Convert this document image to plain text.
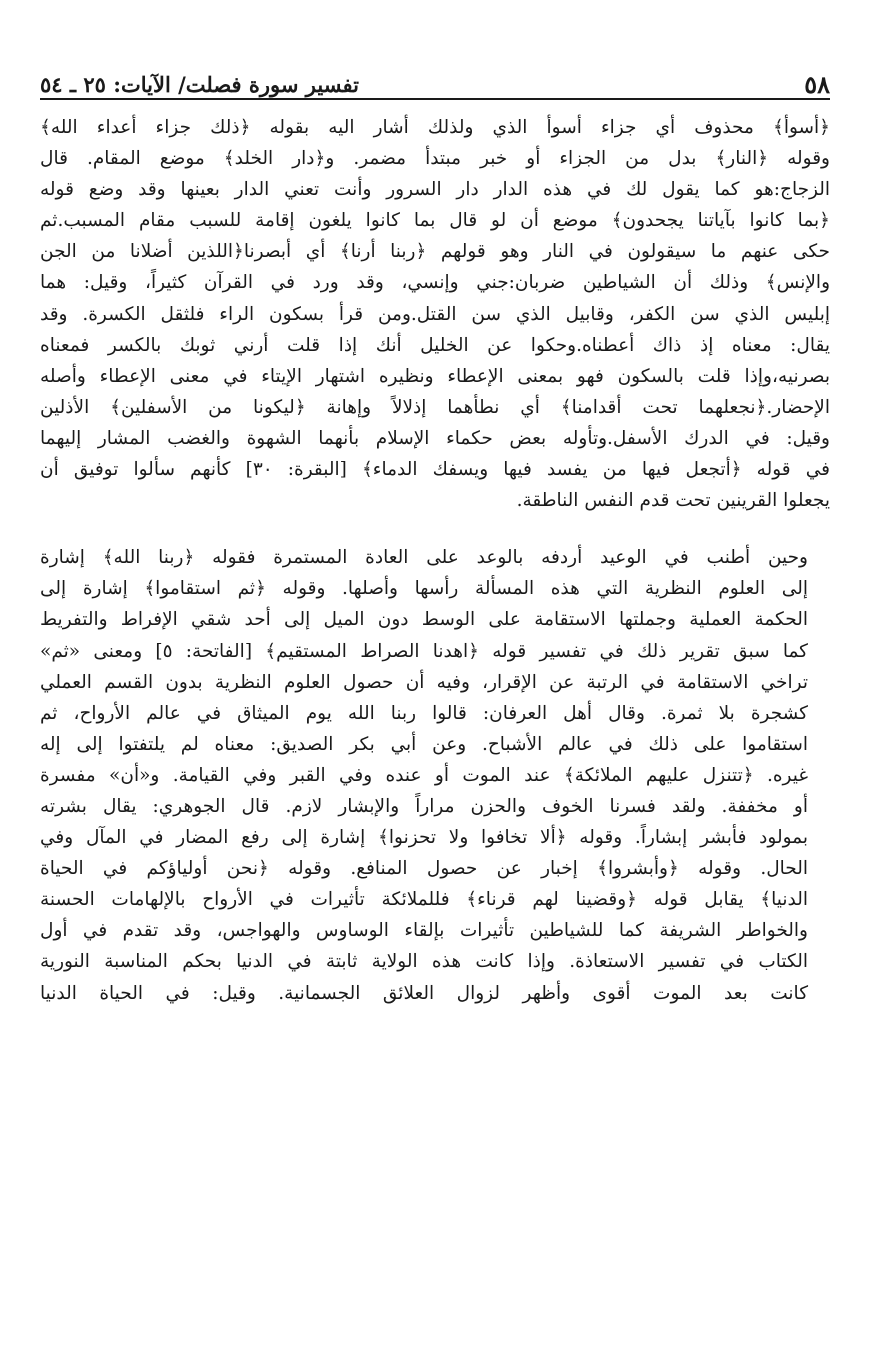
٥٨
تفسير سورة فصلت/ الآيات: ٢٥ ـ ٥٤
﴿أسوأ﴾ محذوف أي جزاء أسوأ الذي ولذلك أشار اليه بقوله ﴿ذلك جزاء أعداء الله﴾
وقوله ﴿النار﴾ بدل من الجزاء أو خبر مبتدأ مضمر. و﴿دار الخلد﴾ موضع المقام. قال
الزجاج:هو كما يقول لك في هذه الدار دار السرور وأنت تعني الدار بعينها وقد وضع قوله
﴿بما كانوا بآياتنا يجحدون﴾ موضع أن لو قال بما كانوا يلغون إقامة للسبب مقام المسبب.ثم
حكى عنهم ما سيقولون في النار وهو قولهم ﴿ربنا أرنا﴾ أي أبصرنا﴿اللذين أضلانا من الجن
والإنس﴾ وذلك أن الشياطين ضربان:جني وإنسي، وقد ورد في القرآن كثيراً، وقيل: هما
إبليس الذي سن الكفر، وقابيل الذي سن القتل.ومن قرأ بسكون الراء فلثقل الكسرة. وقد
يقال: معناه إذ ذاك أعطناه.وحكوا عن الخليل أنك إذا قلت أرني ثوبك بالكسر فمعناه
بصرنيه،وإذا قلت بالسكون فهو بمعنى الإعطاء ونظيره اشتهار الإيتاء في معنى الإعطاء وأصله
الإحضار.﴿نجعلهما تحت أقدامنا﴾ أي نطأهما إذلالاً وإهانة ﴿ليكونا من الأسفلين﴾ الأذلين
وقيل: في الدرك الأسفل.وتأوله بعض حكماء الإسلام بأنهما الشهوة والغضب المشار إليهما
في قوله ﴿أتجعل فيها من يفسد فيها ويسفك الدماء﴾ [البقرة: ٣٠] كأنهم سألوا توفيق أن
يجعلوا القرينين تحت قدم النفس الناطقة.
وحين أطنب في الوعيد أردفه بالوعد على العادة المستمرة فقوله ﴿ربنا الله﴾ إشارة
إلى العلوم النظرية التي هذه المسألة رأسها وأصلها. وقوله ﴿ثم استقاموا﴾ إشارة إلى
الحكمة العملية وجملتها الاستقامة على الوسط دون الميل إلى أحد شقي الإفراط والتفريط
كما سبق تقرير ذلك في تفسير قوله ﴿اهدنا الصراط المستقيم﴾ [الفاتحة: ٥] ومعنى «ثم»
تراخي الاستقامة في الرتبة عن الإقرار، وفيه أن حصول العلوم النظرية بدون القسم العملي
كشجرة بلا ثمرة. وقال أهل العرفان: قالوا ربنا الله يوم الميثاق في عالم الأرواح، ثم
استقاموا على ذلك في عالم الأشباح. وعن أبي بكر الصديق: معناه لم يلتفتوا إلى إله
غيره. ﴿تتنزل عليهم الملائكة﴾ عند الموت أو عنده وفي القبر وفي القيامة. و«أن» مفسرة
أو مخففة. ولقد فسرنا الخوف والحزن مراراً والإبشار لازم. قال الجوهري: يقال بشرته
بمولود فأبشر إبشاراً. وقوله ﴿ألا تخافوا ولا تحزنوا﴾ إشارة إلى رفع المضار في المآل وفي
الحال. وقوله ﴿وأبشروا﴾ إخبار عن حصول المنافع. وقوله ﴿نحن أولياؤكم في الحياة
الدنيا﴾ يقابل قوله ﴿وقضينا لهم قرناء﴾ فللملائكة تأثيرات في الأرواح بالإلهامات الحسنة
والخواطر الشريفة كما للشياطين تأثيرات بإلقاء الوساوس والهواجس، وقد تقدم في أول
الكتاب في تفسير الاستعاذة. وإذا كانت هذه الولاية ثابتة في الدنيا بحكم المناسبة النورية
كانت بعد الموت أقوى وأظهر لزوال العلائق الجسمانية. وقيل: في الحياة الدنيا
